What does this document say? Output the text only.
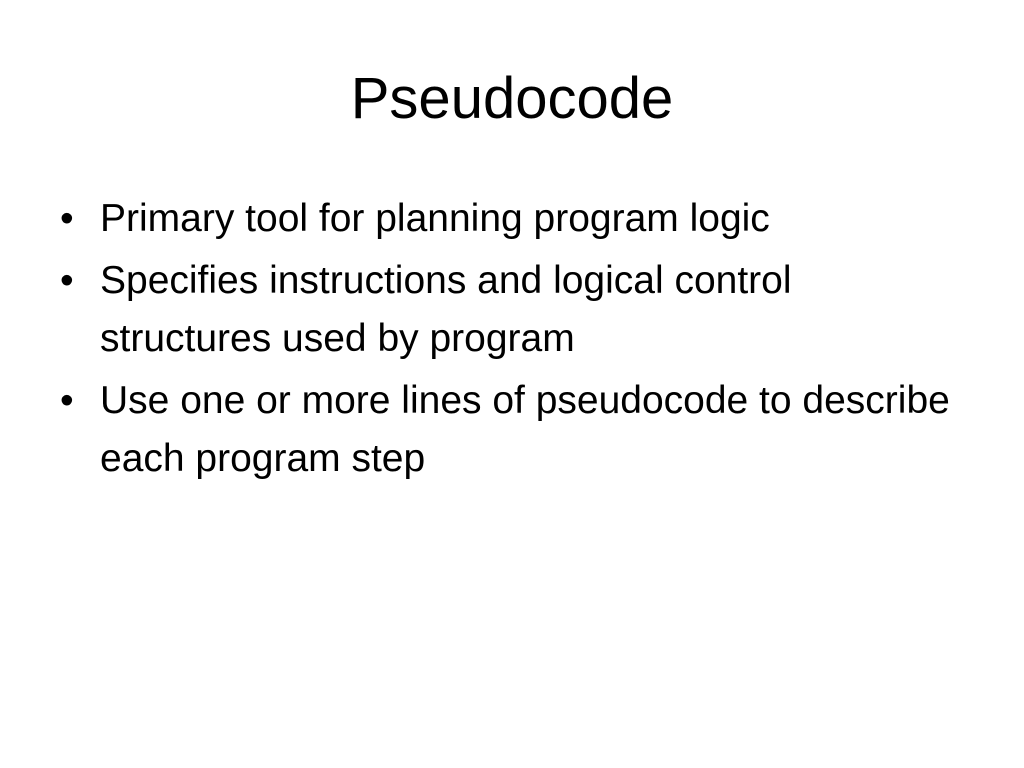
Pseudocode
• Primary tool for planning program logic
• Specifies instructions and logical control structures used by program
• Use one or more lines of pseudocode to describe each program step
